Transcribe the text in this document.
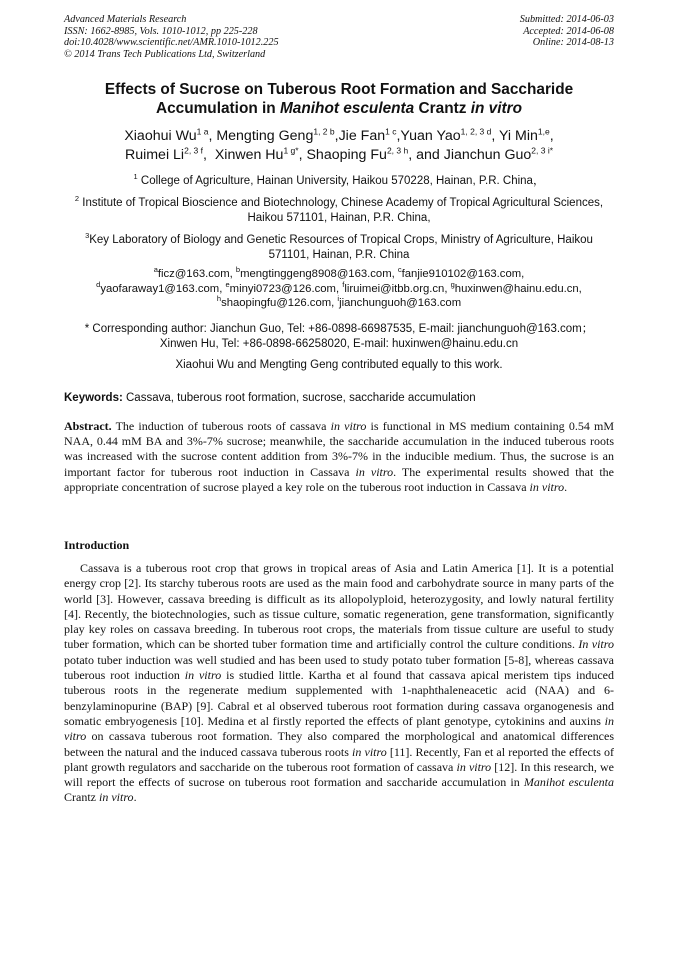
Advanced Materials Research
ISSN: 1662-8985, Vols. 1010-1012, pp 225-228
doi:10.4028/www.scientific.net/AMR.1010-1012.225
© 2014 Trans Tech Publications Ltd, Switzerland
Submitted: 2014-06-03
Accepted: 2014-06-08
Online: 2014-08-13
Effects of Sucrose on Tuberous Root Formation and Saccharide
Accumulation in Manihot esculenta Crantz in vitro
Xiaohui $Wu^{1 a}$, Mengting Geng$^{1, 2 b}$,Jie Fan$^{1 c}$,Yuan Yao$^{1, 2, 3 d}$, Yi Min$^{1,e}$,
Ruimei $Li^{2, 3 f}$,  Xinwen $Hu^{1 g*}$, Shaoping $Fu^{2, 3 h}$, and Jianchun Guo$^{2, 3 i*}$
$^1$ College of Agriculture, Hainan University, Haikou 570228, Hainan, P.R. China，
$^2$ Institute of Tropical Bioscience and Biotechnology, Chinese Academy of Tropical Agricultural Sciences, Haikou 571101, Hainan, P.R. China,
$^3$Key Laboratory of Biology and Genetic Resources of Tropical Crops, Ministry of Agriculture, Haikou 571101, Hainan, P.R. China
$^a$ficz@163.com, $^b$mengtinggeng8908@163.com, $^c$fanjie910102@163.com,
$^d$yaofaraway1@163.com, $^e$minyi0723@126.com, $^f$liruimei@itbb.org.cn, $^g$huxinwen@hainu.edu.cn,
$^h$shaopingfu@126.com, $^i$jianchunguoh@163.com
* Corresponding author: Jianchun Guo, Tel: +86-0898-66987535, E-mail: jianchunguoh@163.com；
Xinwen Hu, Tel: +86-0898-66258020, E-mail: huxinwen@hainu.edu.cn
Xiaohui Wu and Mengting Geng contributed equally to this work.
Keywords: Cassava, tuberous root formation, sucrose, saccharide accumulation
Abstract. The induction of tuberous roots of cassava in vitro is functional in MS medium containing 0.54 mM NAA, 0.44 mM BA and 3%-7% sucrose; meanwhile, the saccharide accumulation in the induced tuberous roots was increased with the sucrose content addition from 3%-7% in the inducible medium. Thus, the sucrose is an important factor for tuberous root induction in Cassava in vitro. The experimental results showed that the appropriate concentration of sucrose played a key role on the tuberous root induction in Cassava in vitro.
Introduction
Cassava is a tuberous root crop that grows in tropical areas of Asia and Latin America [1]. It is a potential energy crop [2]. Its starchy tuberous roots are used as the main food and carbohydrate source in many parts of the world [3]. However, cassava breeding is difficult as its allopolyploid, heterozygosity, and lowly natural fertility [4]. Recently, the biotechnologies, such as tissue culture, somatic regeneration, gene transformation, significantly play key roles on cassava breeding. In tuberous root crops, the materials from tissue culture are useful to study tuber formation, which can be shorted tuber formation time and artificially control the culture conditions. In vitro potato tuber induction was well studied and has been used to study potato tuber formation [5-8], whereas cassava tuberous root induction in vitro is studied little. Kartha et al found that cassava apical meristem tips induced tuberous roots in the regenerate medium supplemented with 1-naphthaleneacetic acid (NAA) and 6-benzylaminopurine (BAP) [9]. Cabral et al observed tuberous root formation during cassava organogenesis and somatic embryogenesis [10]. Medina et al firstly reported the effects of plant genotype, cytokinins and auxins in vitro on cassava tuberous root formation. They also compared the morphological and anatomical differences between the natural and the induced cassava tuberous roots in vitro [11]. Recently, Fan et al reported the effects of plant growth regulators and saccharide on the tuberous root formation of cassava in vitro [12]. In this research, we will report the effects of sucrose on tuberous root formation and saccharide accumulation in Manihot esculenta Crantz in vitro.
